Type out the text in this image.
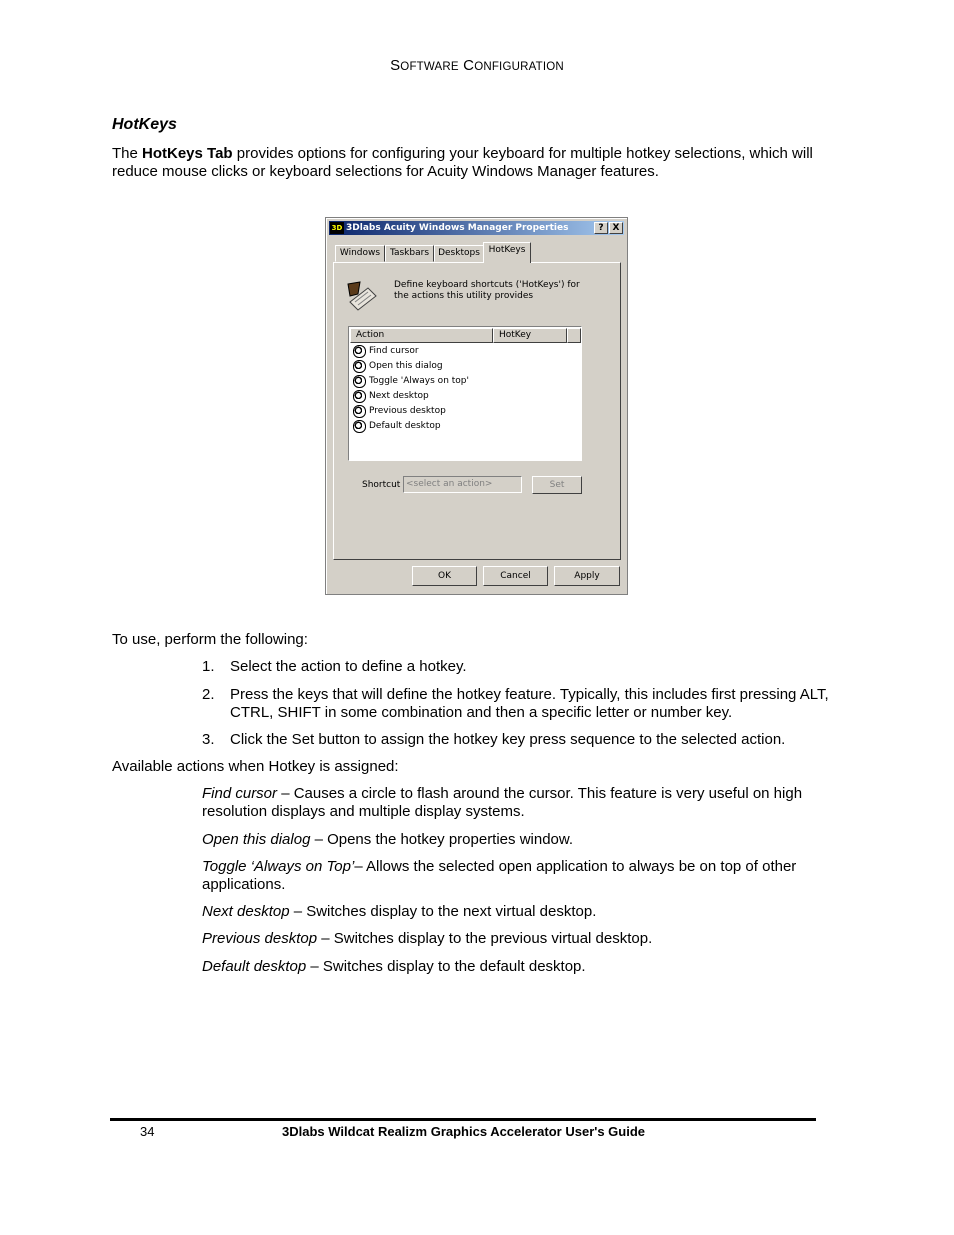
SOFTWARE CONFIGURATION
HotKeys
The HotKeys Tab provides options for configuring your keyboard for multiple hotkey selections, which will reduce mouse clicks or keyboard selections for Acuity Windows Manager features.
3D 3Dlabs Acuity Windows Manager Properties	? X
Windows	Taskbars	Desktops HotKeys
Define keyboard shortcuts ('HotKeys') for the actions this utility provides
Action	HotKey
Find cursor
Open this dialog
Toggle 'Always on top'
Next desktop
Previous desktop
Default desktop
Shortcut <select an action>	Set
OK	Cancel	Apply
To use, perform the following:
1. Select the action to define a hotkey.
2. Press the keys that will define the hotkey feature. Typically, this includes first pressing ALT, CTRL, SHIFT in some combination and then a specific letter or number key.
3. Click the Set button to assign the hotkey key press sequence to the selected action.
Available actions when Hotkey is assigned:
Find cursor – Causes a circle to flash around the cursor. This feature is very useful on high resolution displays and multiple display systems.
Open this dialog – Opens the hotkey properties window.
Toggle ‘Always on Top’– Allows the selected open application to always be on top of other applications.
Next desktop – Switches display to the next virtual desktop.
Previous desktop – Switches display to the previous virtual desktop.
Default desktop – Switches display to the default desktop.
34	3Dlabs Wildcat Realizm Graphics Accelerator User's Guide
